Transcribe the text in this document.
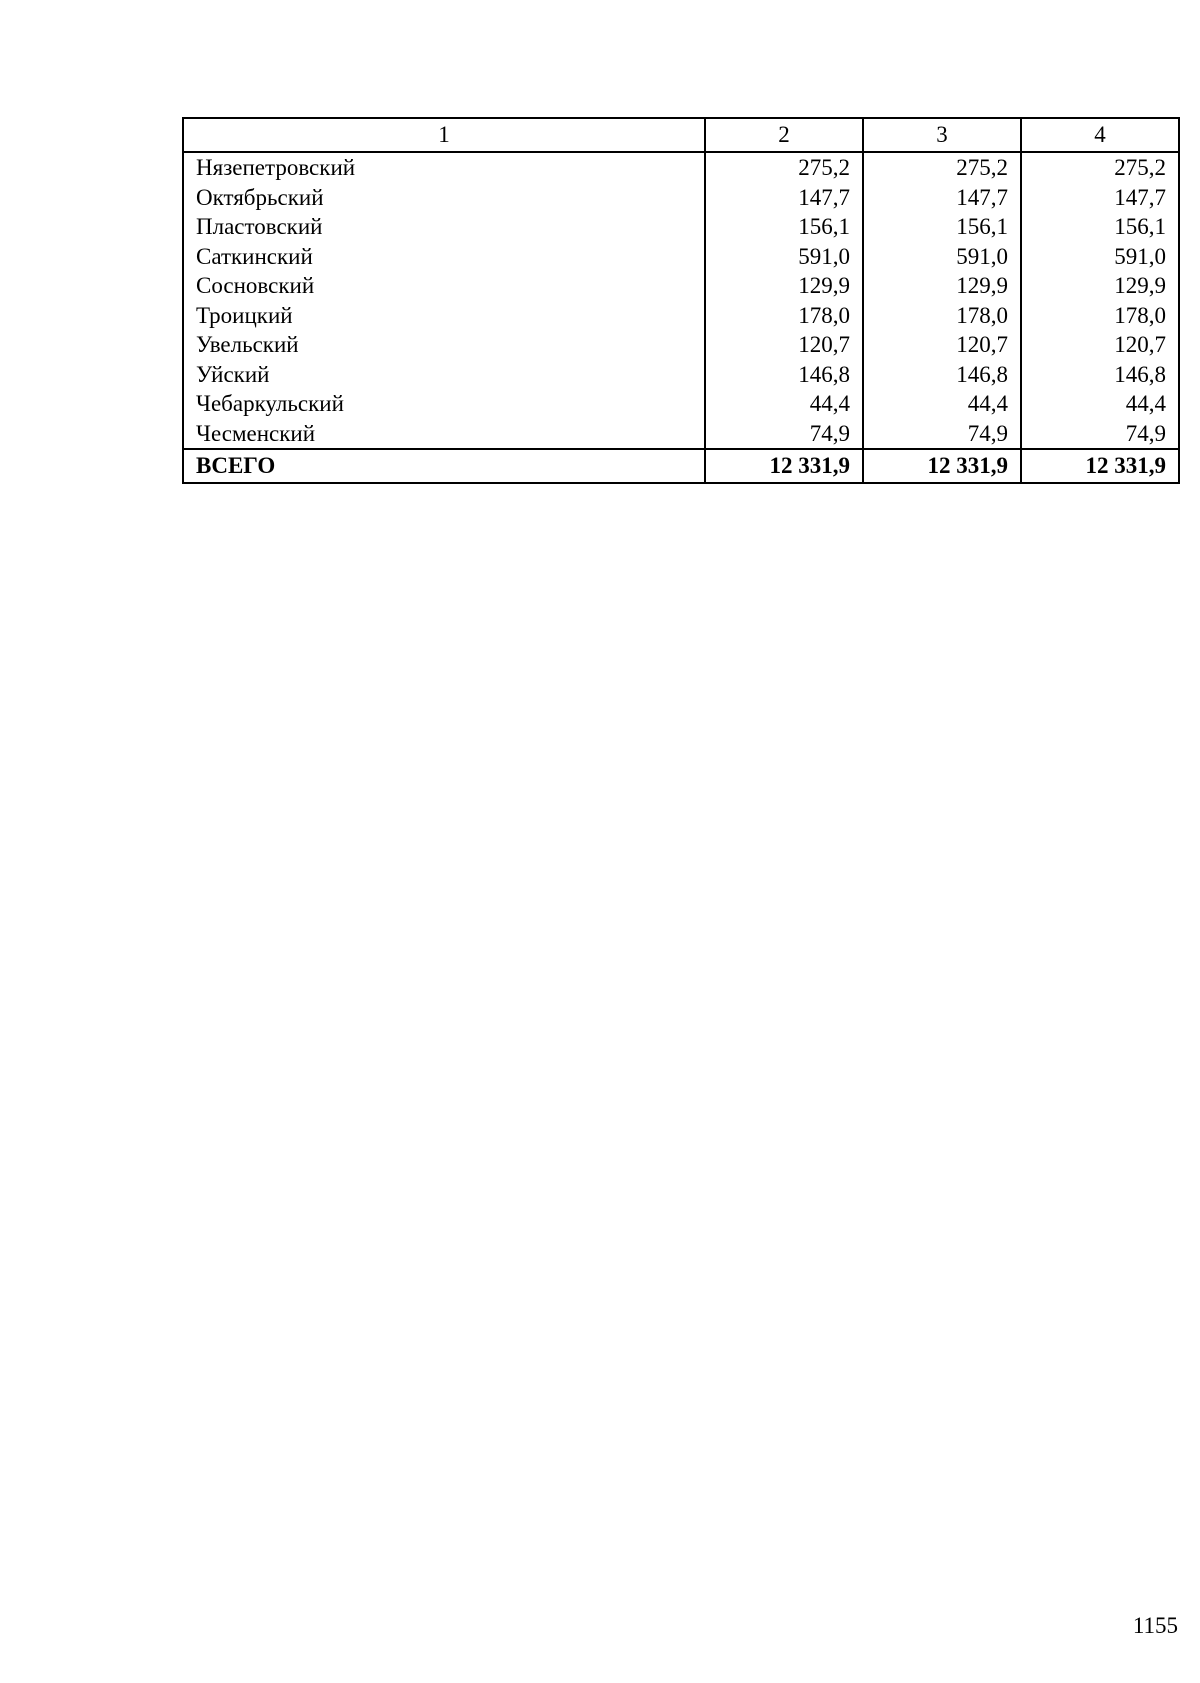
1	2	3	4
Нязепетровский	275,2	275,2	275,2
Октябрьский	147,7	147,7	147,7
Пластовский	156,1	156,1	156,1
Саткинский	591,0	591,0	591,0
Сосновский	129,9	129,9	129,9
Троицкий	178,0	178,0	178,0
Увельский	120,7	120,7	120,7
Уйский	146,8	146,8	146,8
Чебаркульский	44,4	44,4	44,4
Чесменский	74,9	74,9	74,9
ВСЕГО	12 331,9	12 331,9	12 331,9
1155
